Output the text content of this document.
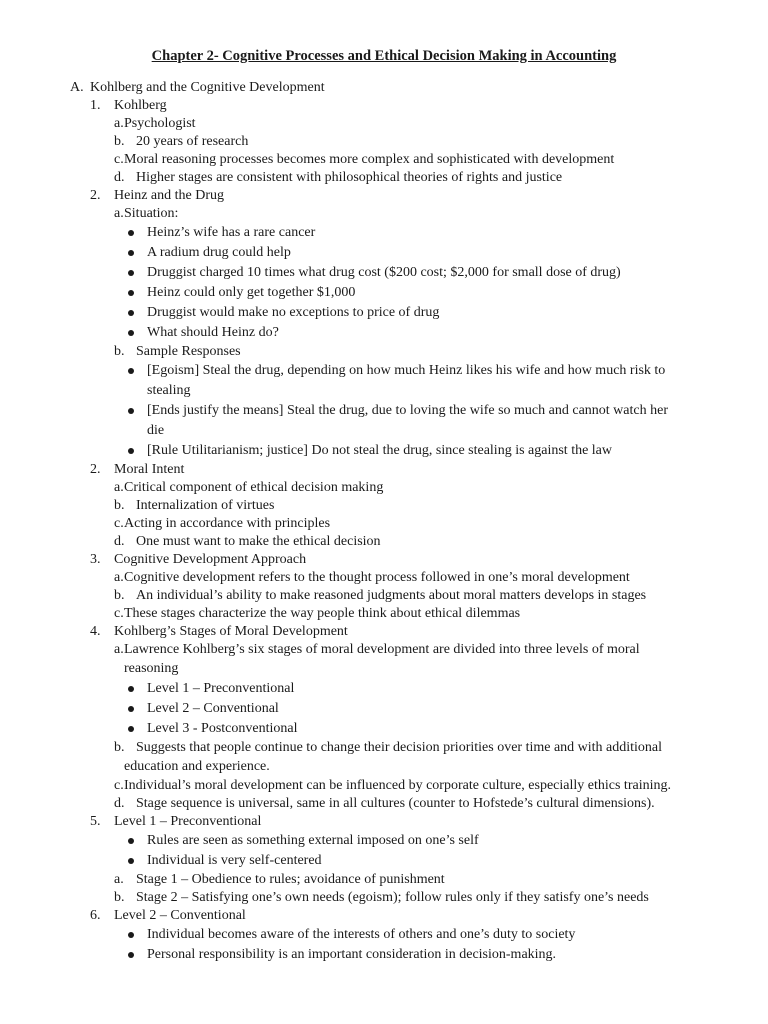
Chapter 2- Cognitive Processes and Ethical Decision Making in Accounting
A. Kohlberg and the Cognitive Development
1. Kohlberg
a. Psychologist
b. 20 years of research
c. Moral reasoning processes becomes more complex and sophisticated with development
d. Higher stages are consistent with philosophical theories of rights and justice
2. Heinz and the Drug
a. Situation:
Heinz’s wife has a rare cancer
A radium drug could help
Druggist charged 10 times what drug cost ($200 cost; $2,000 for small dose of drug)
Heinz could only get together $1,000
Druggist would make no exceptions to price of drug
What should Heinz do?
b. Sample Responses
[Egoism] Steal the drug, depending on how much Heinz likes his wife and how much risk to
stealing
[Ends justify the means] Steal the drug, due to loving the wife so much and cannot watch her
die
[Rule Utilitarianism; justice] Do not steal the drug, since stealing is against the law
2. Moral Intent
a. Critical component of ethical decision making
b. Internalization of virtues
c. Acting in accordance with principles
d. One must want to make the ethical decision
3. Cognitive Development Approach
a. Cognitive development refers to the thought process followed in one’s moral development
b. An individual’s ability to make reasoned judgments about moral matters develops in stages
c. These stages characterize the way people think about ethical dilemmas
4. Kohlberg’s Stages of Moral Development
a. Lawrence Kohlberg’s six stages of moral development are divided into three levels of moral
reasoning
Level 1 – Preconventional
Level 2 – Conventional
Level 3 - Postconventional
b. Suggests that people continue to change their decision priorities over time and with additional
education and experience.
c. Individual’s moral development can be influenced by corporate culture, especially ethics training.
d. Stage sequence is universal, same in all cultures (counter to Hofstede’s cultural dimensions).
5. Level 1 – Preconventional
Rules are seen as something external imposed on one’s self
Individual is very self-centered
a. Stage 1 – Obedience to rules; avoidance of punishment
b. Stage 2 – Satisfying one’s own needs (egoism); follow rules only if they satisfy one’s needs
6. Level 2 – Conventional
Individual becomes aware of the interests of others and one’s duty to society
Personal responsibility is an important consideration in decision-making.
